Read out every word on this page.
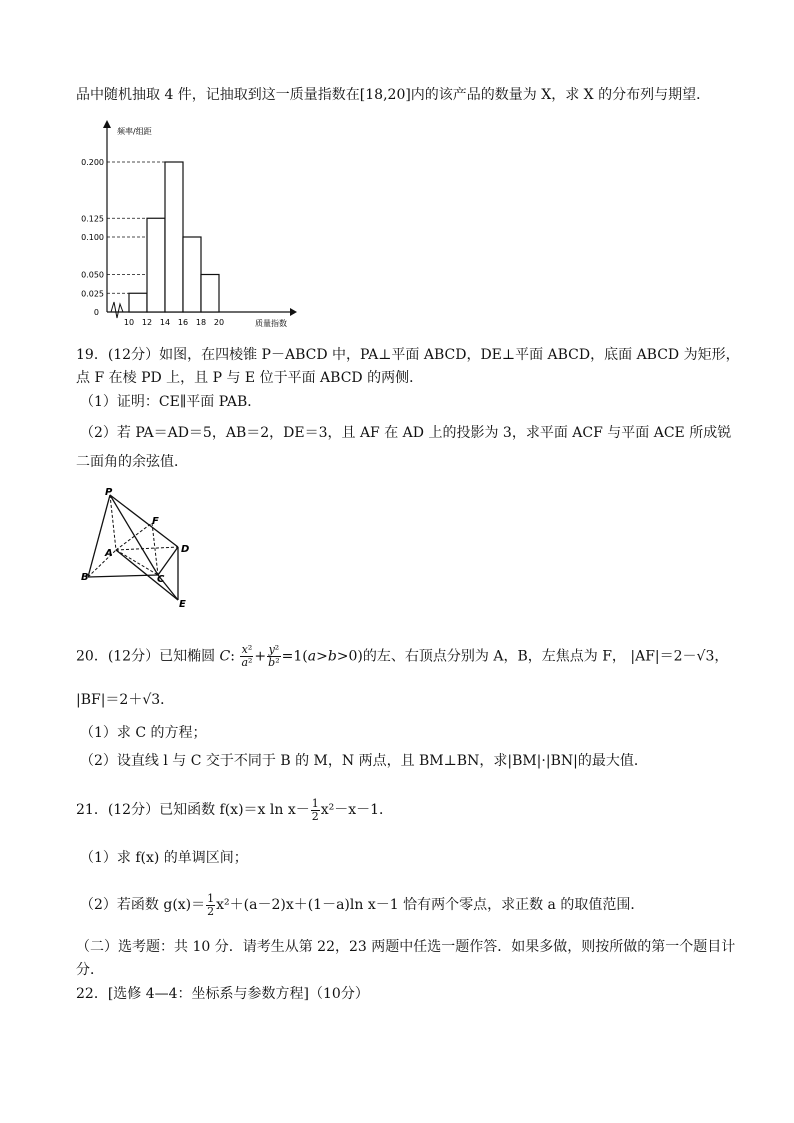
品中随机抽取 4 件，记抽取到这一质量指数在[18,20]内的该产品的数量为 X，求 X 的分布列与期望．
频率/组距
质量指数
0
0.025
0.050
0.100
0.125
0.200
10 12 14 16 18 20
19．(12分）如图，在四棱锥 P－ABCD 中，PA⊥平面 ABCD，DE⊥平面 ABCD，底面 ABCD 为矩形，
点 F 在棱 PD 上，且 P 与 E 位于平面 ABCD 的两侧．
（1）证明：CE∥平面 PAB．
（2）若 PA＝AD＝5，AB＝2，DE＝3，且 AF 在 AD 上的投影为 3，求平面 ACF 与平面 ACE 所成锐
二面角的余弦值．
P
F
A	D
B	C
E
20．(12分）已知椭圆 C: $\frac{\text{x²}}{\text{a²}} + \frac{\text{y²}}{\text{b²}} =1(a>b>0)$的左、右顶点分别为 A，B，左焦点为 F， |AF|＝2－√3，
|BF|＝2＋√3．
（1）求 C 的方程；
（2）设直线 l 与 C 交于不同于 B 的 M，N 两点，且 BM⊥BN，求|BM|·|BN|的最大值．
21．(12分）已知函数 f(x)＝x $\ln x- \frac{1}{2} x^2-x-1$．
（1）求 f(x) 的单调区间；
（2）若函数 $g(x)= \frac{1}{2} x^2+(a-2)x+(1-a)\ln$ x－1 恰有两个零点，求正数 a 的取值范围．
（二）选考题：共 10 分．请考生从第 22，23 两题中任选一题作答．如果多做，则按所做的第一个题目计
分．
22．[选修 4—4：坐标系与参数方程]（10分）
